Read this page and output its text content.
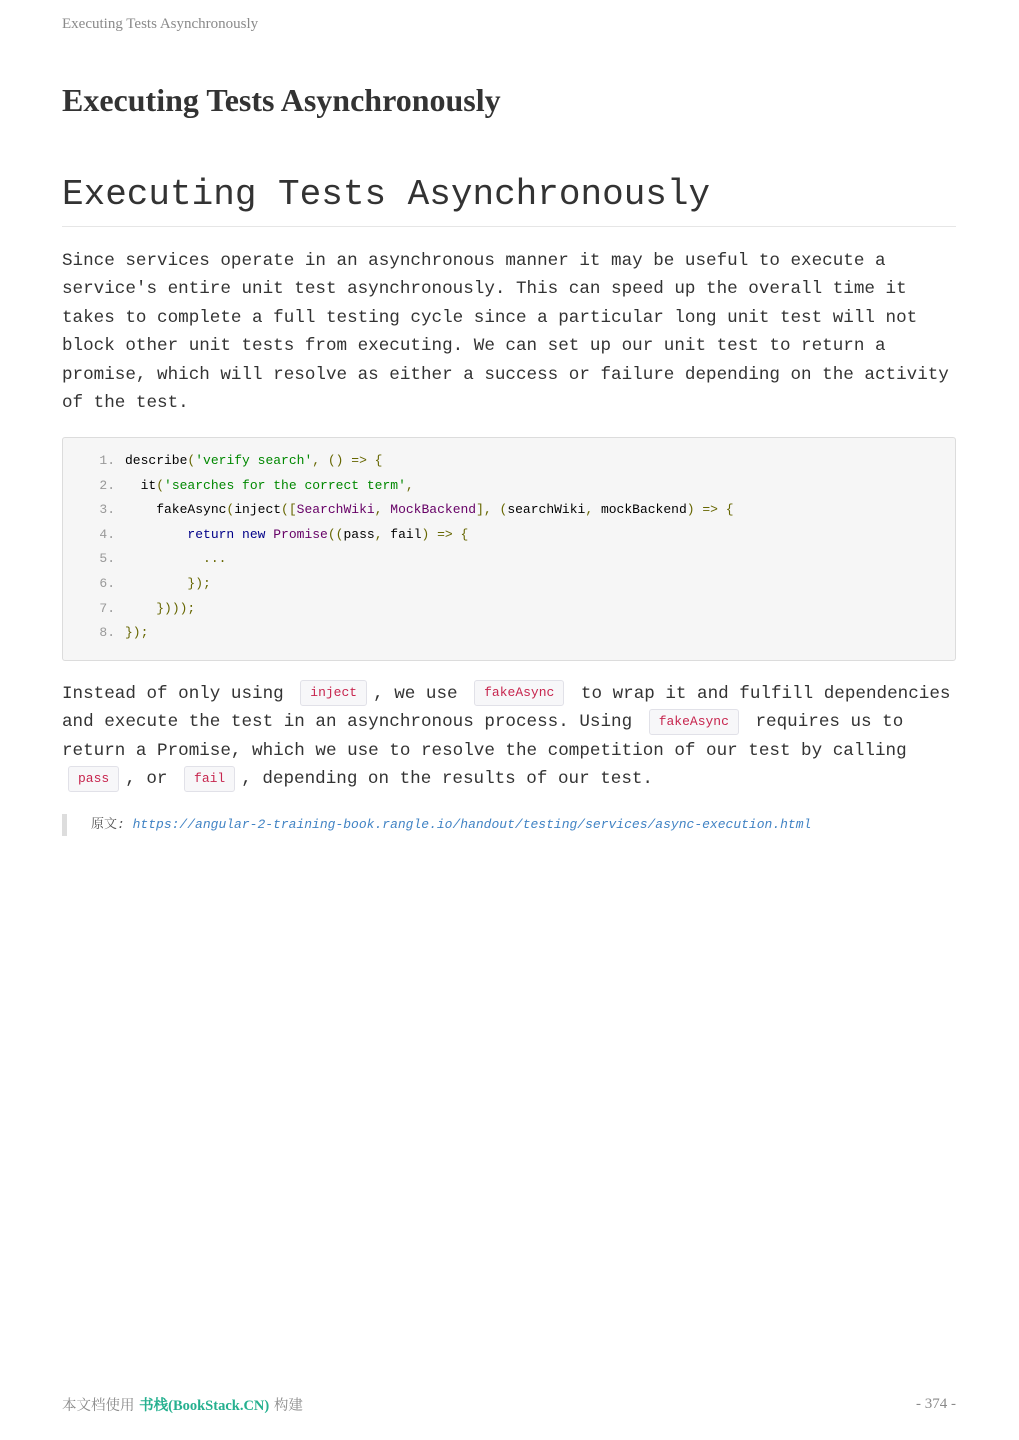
Executing Tests Asynchronously
Executing Tests Asynchronously
Executing Tests Asynchronously

Since services operate in an asynchronous manner it may be useful to execute a service's entire unit test asynchronously. This can speed up the overall time it takes to complete a full testing cycle since a particular long unit test will not block other unit tests from executing. We can set up our unit test to return a promise, which will resolve as either a success or failure depending on the activity of the test.

1. describe('verify search', () => {
2.  it('searches for the correct term',
3.    fakeAsync(inject([SearchWiki, MockBackend], (searchWiki, mockBackend) => {
4.	return new Promise((pass, fail) => {
5.	...
6.	});
7.	})));
8. });

Instead of only using inject , we use fakeAsync to wrap it and fulfill dependencies and execute the test in an asynchronous process. Using fakeAsync requires us to return a Promise, which we use to resolve the competition of our test by calling pass , or fail , depending on the results of our test.

原文: https://angular-2-training-book.rangle.io/handout/testing/services/async-execution.html
本文档使用 书栈(BookStack.CN) 构建	- 374 -
